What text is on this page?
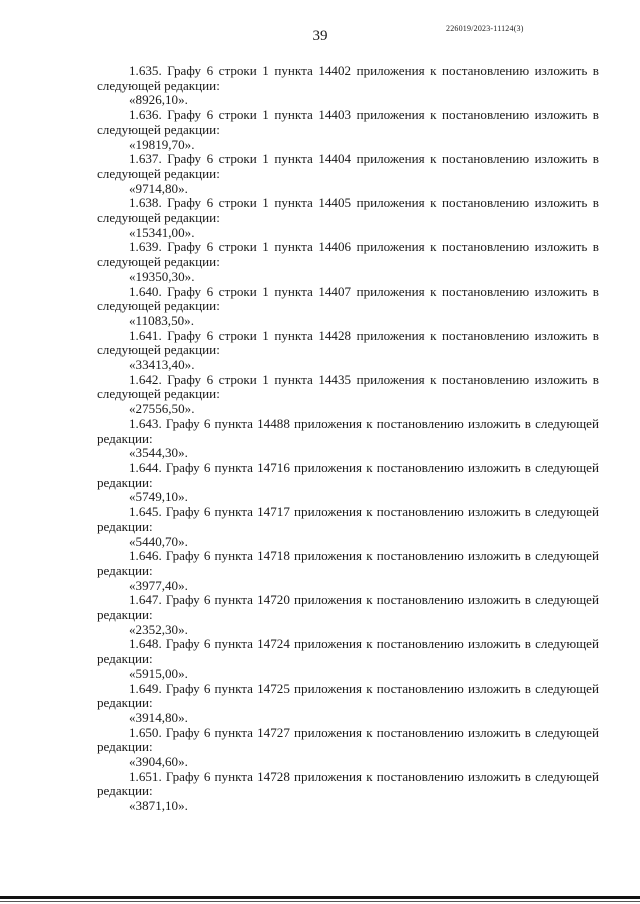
39	226019/2023-11124(3)

1.635. Графу 6 строки 1 пункта 14402 приложения к постановлению изложить в следующей редакции:

«8926,10».

1.636. Графу 6 строки 1 пункта 14403 приложения к постановлению изложить в следующей редакции:

«19819,70».

1.637. Графу 6 строки 1 пункта 14404 приложения к постановлению изложить в следующей редакции:

«9714,80».

1.638. Графу 6 строки 1 пункта 14405 приложения к постановлению изложить в следующей редакции:

«15341,00».

1.639. Графу 6 строки 1 пункта 14406 приложения к постановлению изложить в следующей редакции:

«19350,30».

1.640. Графу 6 строки 1 пункта 14407 приложения к постановлению изложить в следующей редакции:

«11083,50».

1.641. Графу 6 строки 1 пункта 14428 приложения к постановлению изложить в следующей редакции:

«33413,40».

1.642. Графу 6 строки 1 пункта 14435 приложения к постановлению изложить в следующей редакции:

«27556,50».

1.643. Графу 6 пункта 14488 приложения к постановлению изложить в следующей редакции:

«3544,30».

1.644. Графу 6 пункта 14716 приложения к постановлению изложить в следующей редакции:

«5749,10».

1.645. Графу 6 пункта 14717 приложения к постановлению изложить в следующей редакции:

«5440,70».

1.646. Графу 6 пункта 14718 приложения к постановлению изложить в следующей редакции:

«3977,40».

1.647. Графу 6 пункта 14720 приложения к постановлению изложить в следующей редакции:

«2352,30».

1.648. Графу 6 пункта 14724 приложения к постановлению изложить в следующей редакции:

«5915,00».

1.649. Графу 6 пункта 14725 приложения к постановлению изложить в следующей редакции:

«3914,80».

1.650. Графу 6 пункта 14727 приложения к постановлению изложить в следующей редакции:

«3904,60».

1.651. Графу 6 пункта 14728 приложения к постановлению изложить в следующей редакции:

«3871,10».
